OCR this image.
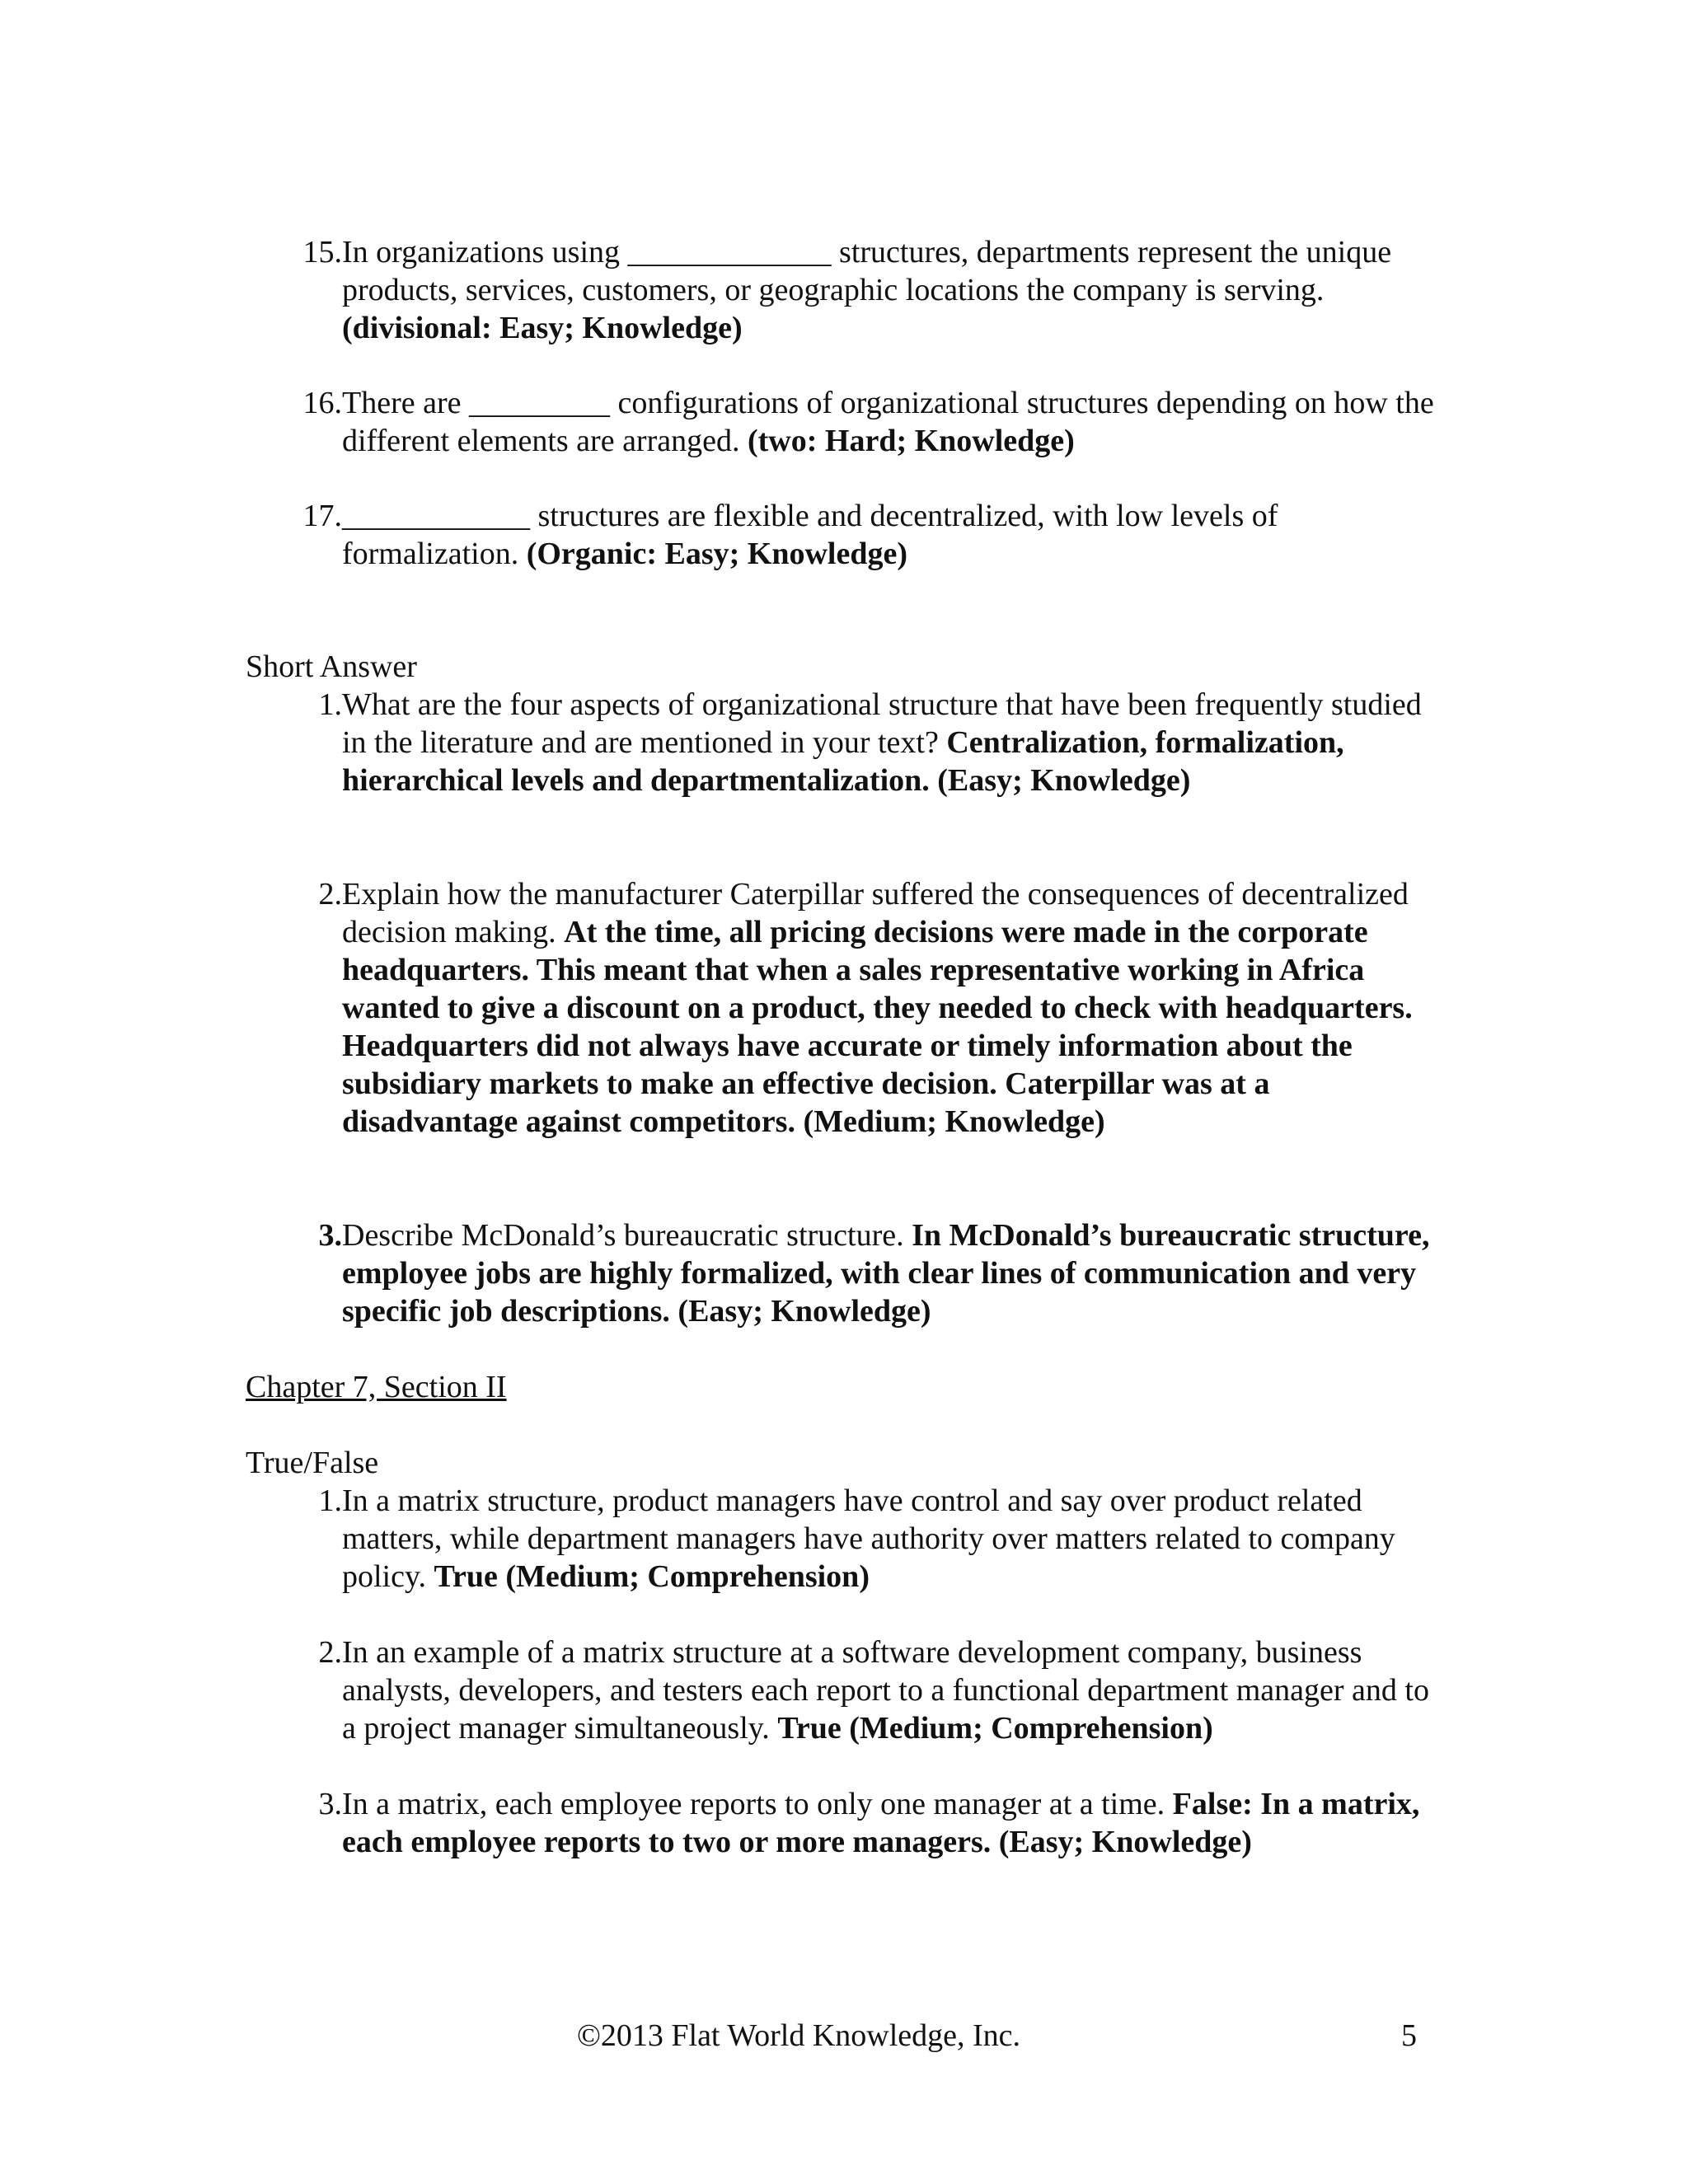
15. In organizations using _____________ structures, departments represent the unique products, services, customers, or geographic locations the company is serving. (divisional: Easy; Knowledge)
16. There are _________ configurations of organizational structures depending on how the different elements are arranged. (two: Hard; Knowledge)
17. ____________ structures are flexible and decentralized, with low levels of formalization. (Organic: Easy; Knowledge)
Short Answer
1. What are the four aspects of organizational structure that have been frequently studied in the literature and are mentioned in your text? Centralization, formalization, hierarchical levels and departmentalization. (Easy; Knowledge)
2. Explain how the manufacturer Caterpillar suffered the consequences of decentralized decision making. At the time, all pricing decisions were made in the corporate headquarters. This meant that when a sales representative working in Africa wanted to give a discount on a product, they needed to check with headquarters. Headquarters did not always have accurate or timely information about the subsidiary markets to make an effective decision. Caterpillar was at a disadvantage against competitors. (Medium; Knowledge)
3. Describe McDonald’s bureaucratic structure. In McDonald’s bureaucratic structure, employee jobs are highly formalized, with clear lines of communication and very specific job descriptions. (Easy; Knowledge)
Chapter 7, Section II
True/False
1. In a matrix structure, product managers have control and say over product related matters, while department managers have authority over matters related to company policy. True (Medium; Comprehension)
2. In an example of a matrix structure at a software development company, business analysts, developers, and testers each report to a functional department manager and to a project manager simultaneously. True (Medium; Comprehension)
3. In a matrix, each employee reports to only one manager at a time. False: In a matrix, each employee reports to two or more managers. (Easy; Knowledge)
©2013 Flat World Knowledge, Inc.	5
